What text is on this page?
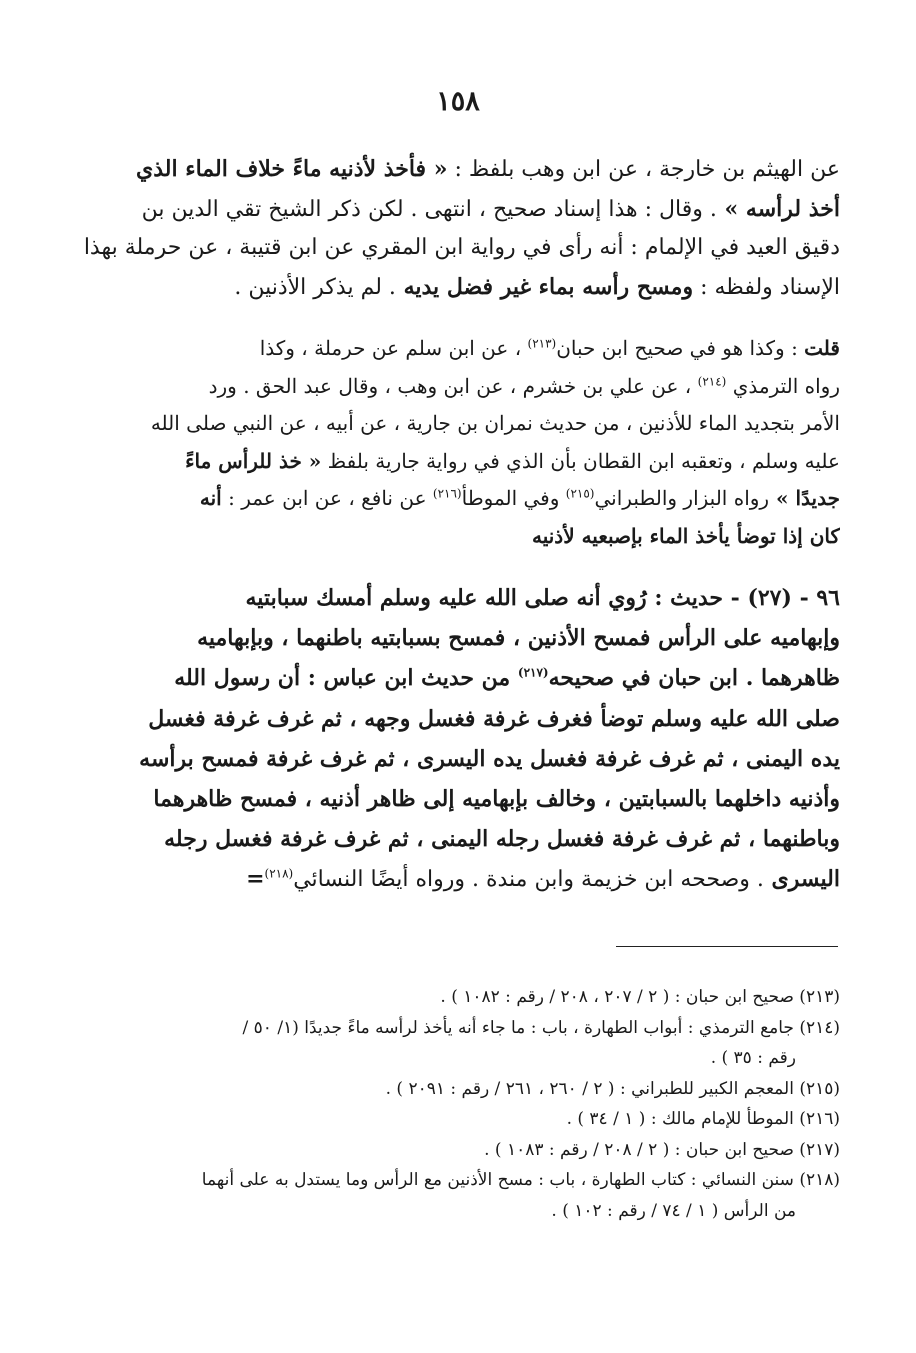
١٥٨
عن الهيثم بن خارجة ، عن ابن وهب بلفظ : « فأخذ لأذنيه ماءً خلاف الماء الذي
أخذ لرأسه » . وقال : هذا إسناد صحيح ، انتهى . لكن ذكر الشيخ تقي الدين بن
دقيق العيد في الإلمام : أنه رأى في رواية ابن المقري عن ابن قتيبة ، عن حرملة بهذا
الإسناد ولفظه : ومسح رأسه بماء غير فضل يديه . لم يذكر الأذنين .
قلت : وكذا هو في صحيح ابن حبان$^{(٢١٣)}$ ، عن ابن سلم عن حرملة ، وكذا
رواه الترمذي $^{(٢١٤)}$ ، عن علي بن خشرم ، عن ابن وهب ، وقال عبد الحق . ورد
الأمر بتجديد الماء للأذنين ، من حديث نمران بن جارية ، عن أبيه ، عن النبي صلى الله
عليه وسلم ، وتعقبه ابن القطان بأن الذي في رواية جارية بلفظ « خذ للرأس ماءً
جديدًا » رواه البزار والطبراني$^{(٢١٥)}$ وفي الموطأ$^{(٢١٦)}$ عن نافع ، عن ابن عمر : أنه
كان إذا توضأ يأخذ الماء بإصبعيه لأذنيه
٩٦ - (٢٧) - حديث : رُوي أنه صلى الله عليه وسلم أمسك سبابتيه
وإبهاميه على الرأس فمسح الأذنين ، فمسح بسبابتيه باطنهما ، وبإبهاميه
ظاهرهما . ابن حبان في صحيحه$^{(٢١٧)}$ من حديث ابن عباس : أن رسول الله
صلى الله عليه وسلم توضأ فغرف غرفة فغسل وجهه ، ثم غرف غرفة فغسل
يده اليمنى ، ثم غرف غرفة فغسل يده اليسرى ، ثم غرف غرفة فمسح برأسه
وأذنيه داخلهما بالسبابتين ، وخالف بإبهاميه إلى ظاهر أذنيه ، فمسح ظاهرهما
وباطنهما ، ثم غرف غرفة فغسل رجله اليمنى ، ثم غرف غرفة فغسل رجله
اليسرى . وصححه ابن خزيمة وابن مندة . ورواه أيضًا النسائي$^{(٢١٨)}$=
(٢١٣) صحيح ابن حبان : ( ٢ / ٢٠٧ ، ٢٠٨ / رقم : ١٠٨٢ ) .
(٢١٤) جامع الترمذي : أبواب الطهارة ، باب : ما جاء أنه يأخذ لرأسه ماءً جديدًا (١/ ٥٠ /
رقم : ٣٥ ) .
(٢١٥) المعجم الكبير للطبراني : ( ٢ / ٢٦٠ ، ٢٦١ / رقم : ٢٠٩١ ) .
(٢١٦) الموطأ للإمام مالك : ( ١ / ٣٤ ) .
(٢١٧) صحيح ابن حبان : ( ٢ / ٢٠٨ / رقم : ١٠٨٣ ) .
(٢١٨) سنن النسائي : كتاب الطهارة ، باب : مسح الأذنين مع الرأس وما يستدل به على أنهما
من الرأس ( ١ / ٧٤ / رقم : ١٠٢ ) .
